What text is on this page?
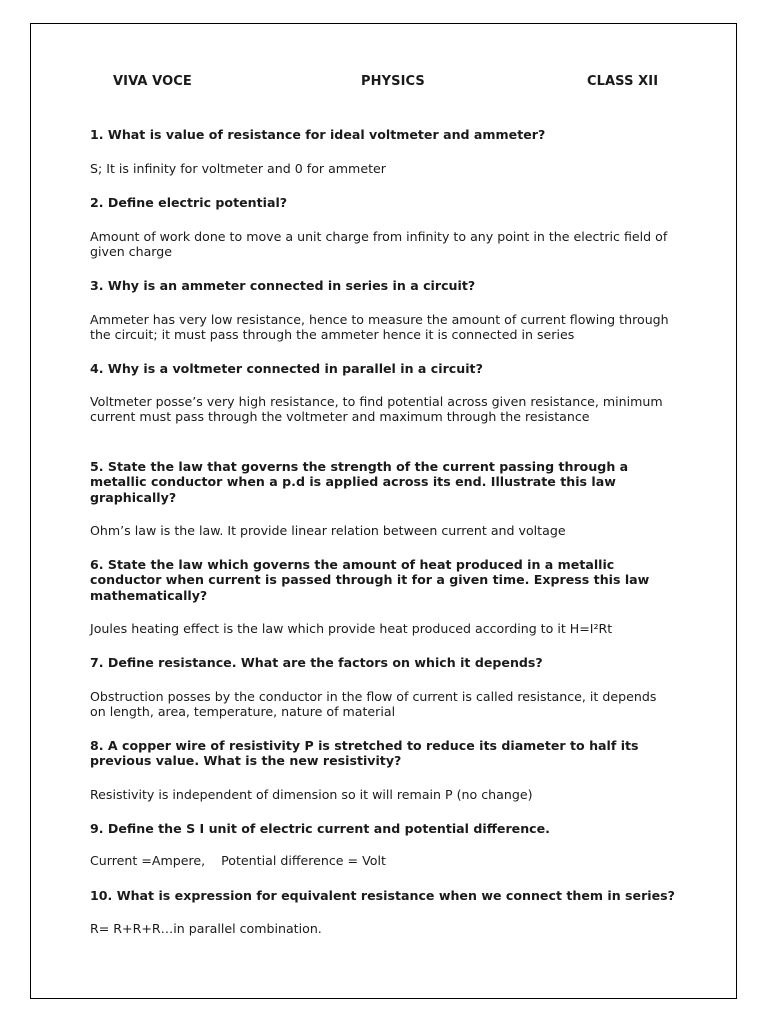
VIVA VOCE	PHYSICS	CLASS XII

1. What is value of resistance for ideal voltmeter and ammeter?

S; It is infinity for voltmeter and 0 for ammeter

2. Define electric potential?

Amount of work done to move a unit charge from infinity to any point in the electric field of given charge

3. Why is an ammeter connected in series in a circuit?

Ammeter has very low resistance, hence to measure the amount of current flowing through the circuit; it must pass through the ammeter hence it is connected in series

4. Why is a voltmeter connected in parallel in a circuit?

Voltmeter posse’s very high resistance, to find potential across given resistance, minimum current must pass through the voltmeter and maximum through the resistance

5. State the law that governs the strength of the current passing through a metallic conductor when a p.d is applied across its end. Illustrate this law graphically?

Ohm’s law is the law. It provide linear relation between current and voltage

6. State the law which governs the amount of heat produced in a metallic conductor when current is passed through it for a given time. Express this law mathematically?

Joules heating effect is the law which provide heat produced according to it H=I²Rt

7. Define resistance. What are the factors on which it depends?

Obstruction posses by the conductor in the flow of current is called resistance, it depends on length, area, temperature, nature of material

8. A copper wire of resistivity P is stretched to reduce its diameter to half its previous value. What is the new resistivity?

Resistivity is independent of dimension so it will remain P (no change)

9. Define the S I unit of electric current and potential difference.

Current =Ampere,    Potential difference = Volt

10. What is expression for equivalent resistance when we connect them in series?

R= R+R+R…in parallel combination.
